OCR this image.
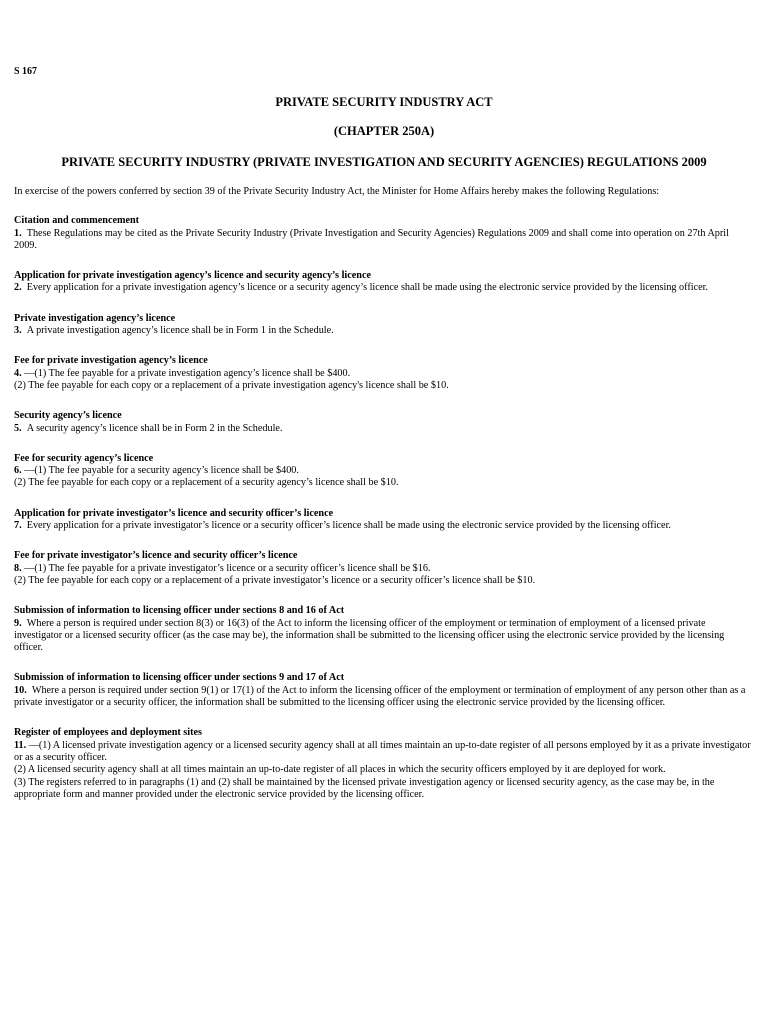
S 167
PRIVATE SECURITY INDUSTRY ACT
(CHAPTER 250A)
PRIVATE SECURITY INDUSTRY (PRIVATE INVESTIGATION AND SECURITY AGENCIES) REGULATIONS 2009

In exercise of the powers conferred by section 39 of the Private Security Industry Act, the Minister for Home Affairs hereby makes the following Regulations:

Citation and commencement

1. These Regulations may be cited as the Private Security Industry (Private Investigation and Security Agencies) Regulations 2009 and shall come into operation on 27th April 2009.

Application for private investigation agency’s licence and security agency’s licence

2. Every application for a private investigation agency’s licence or a security agency’s licence shall be made using the electronic service provided by the licensing officer.

Private investigation agency’s licence

3. A private investigation agency’s licence shall be in Form 1 in the Schedule.

Fee for private investigation agency’s licence

4. —(1) The fee payable for a private investigation agency’s licence shall be $400.

(2) The fee payable for each copy or a replacement of a private investigation agency's licence shall be $10.

Security agency’s licence

5. A security agency’s licence shall be in Form 2 in the Schedule.

Fee for security agency’s licence

6. —(1) The fee payable for a security agency’s licence shall be $400.

(2) The fee payable for each copy or a replacement of a security agency’s licence shall be $10.

Application for private investigator’s licence and security officer’s licence

7. Every application for a private investigator’s licence or a security officer’s licence shall be made using the electronic service provided by the licensing officer.

Fee for private investigator’s licence and security officer’s licence

8. —(1) The fee payable for a private investigator’s licence or a security officer’s licence shall be $16.

(2) The fee payable for each copy or a replacement of a private investigator’s licence or a security officer’s licence shall be $10.

Submission of information to licensing officer under sections 8 and 16 of Act

9. Where a person is required under section 8(3) or 16(3) of the Act to inform the licensing officer of the employment or termination of employment of a licensed private investigator or a licensed security officer (as the case may be), the information shall be submitted to the licensing officer using the electronic service provided by the licensing officer.

Submission of information to licensing officer under sections 9 and 17 of Act

10. Where a person is required under section 9(1) or 17(1) of the Act to inform the licensing officer of the employment or termination of employment of any person other than as a private investigator or a security officer, the information shall be submitted to the licensing officer using the electronic service provided by the licensing officer.

Register of employees and deployment sites

11. —(1) A licensed private investigation agency or a licensed security agency shall at all times maintain an up-to-date register of all persons employed by it as a private investigator or as a security officer.

(2) A licensed security agency shall at all times maintain an up-to-date register of all places in which the security officers employed by it are deployed for work.

(3) The registers referred to in paragraphs (1) and (2) shall be maintained by the licensed private investigation agency or licensed security agency, as the case may be, in the appropriate form and manner provided under the electronic service provided by the licensing officer.
